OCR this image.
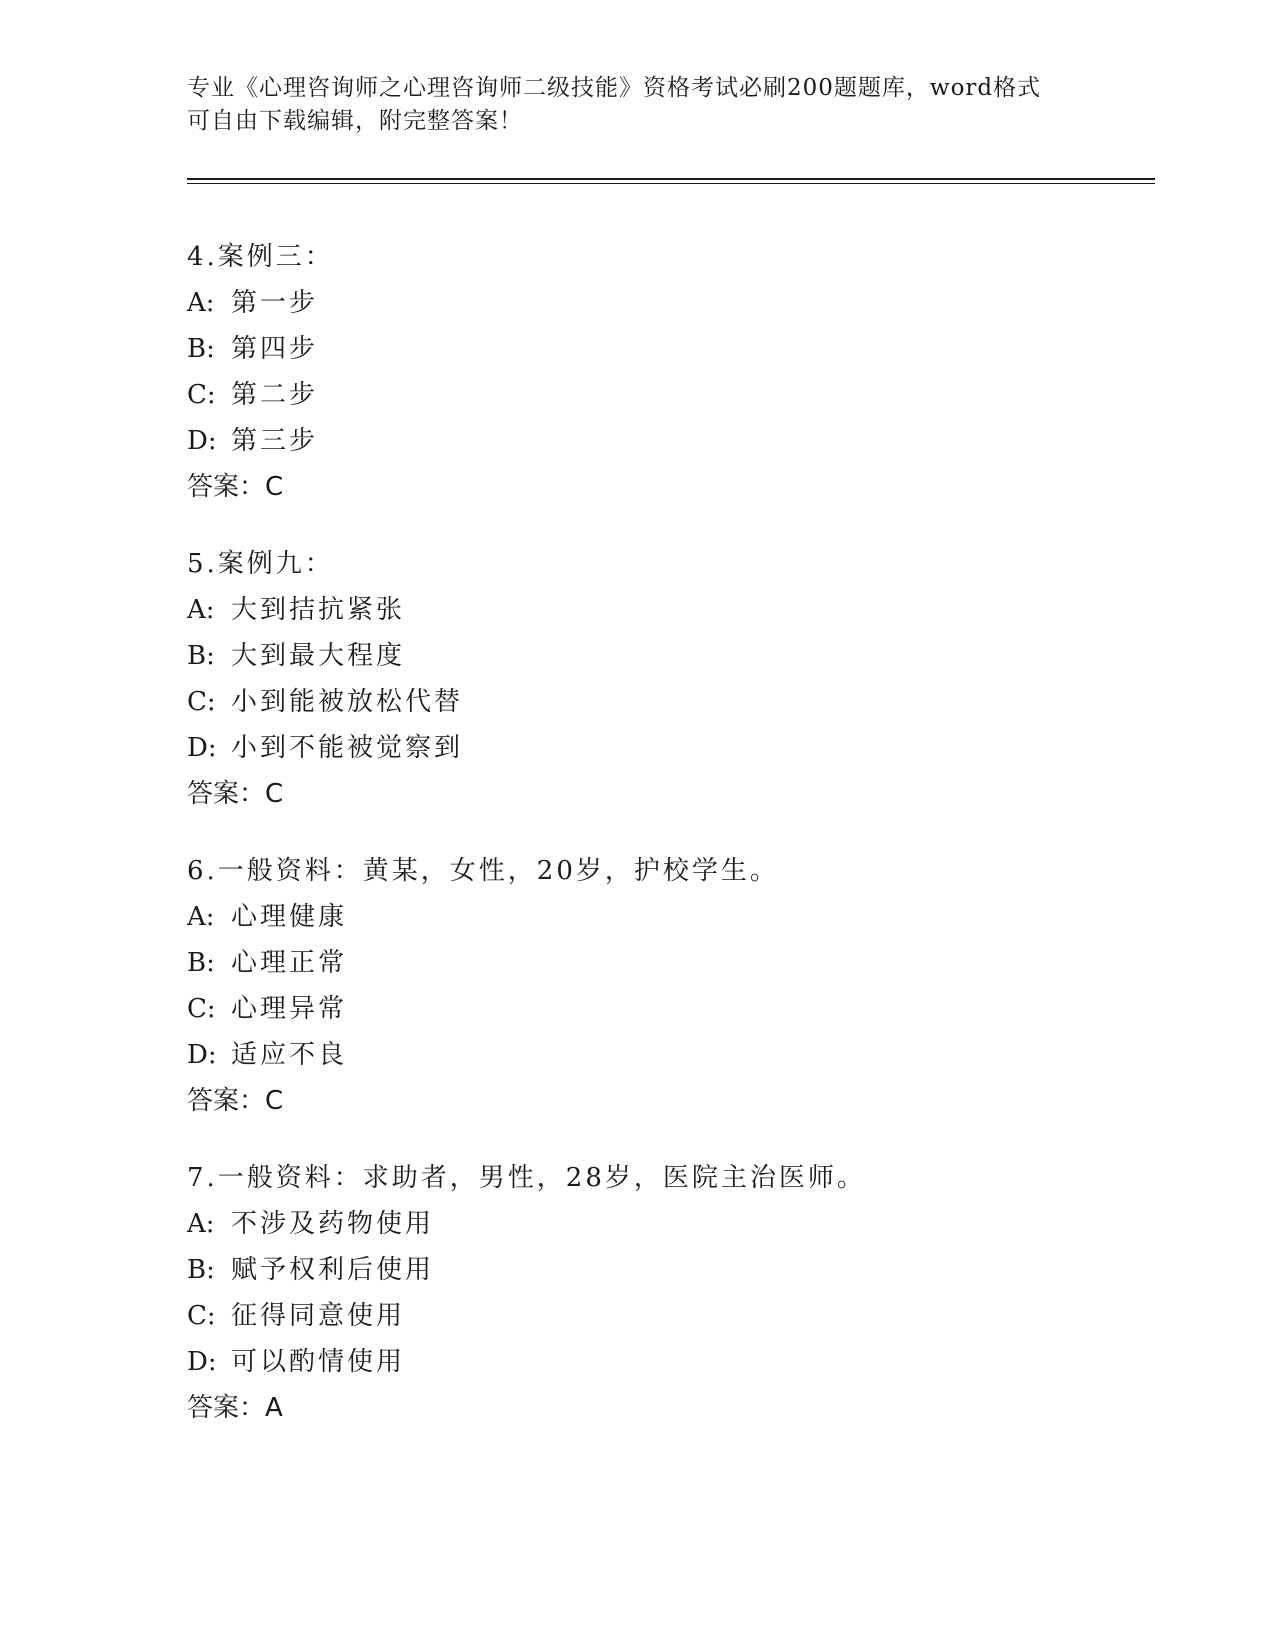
专业《心理咨询师之心理咨询师二级技能》资格考试必刷200题题库，word格式
可自由下载编辑，附完整答案！
4.案例三：
A: 第一步
B: 第四步
C: 第二步
D: 第三步
答案：C
5.案例九：
A: 大到拮抗紧张
B: 大到最大程度
C: 小到能被放松代替
D: 小到不能被觉察到
答案：C
6.一般资料：黄某，女性，20岁，护校学生。
A: 心理健康
B: 心理正常
C: 心理异常
D: 适应不良
答案：C
7.一般资料：求助者，男性，28岁，医院主治医师。
A: 不涉及药物使用
B: 赋予权利后使用
C: 征得同意使用
D: 可以酌情使用
答案：A
